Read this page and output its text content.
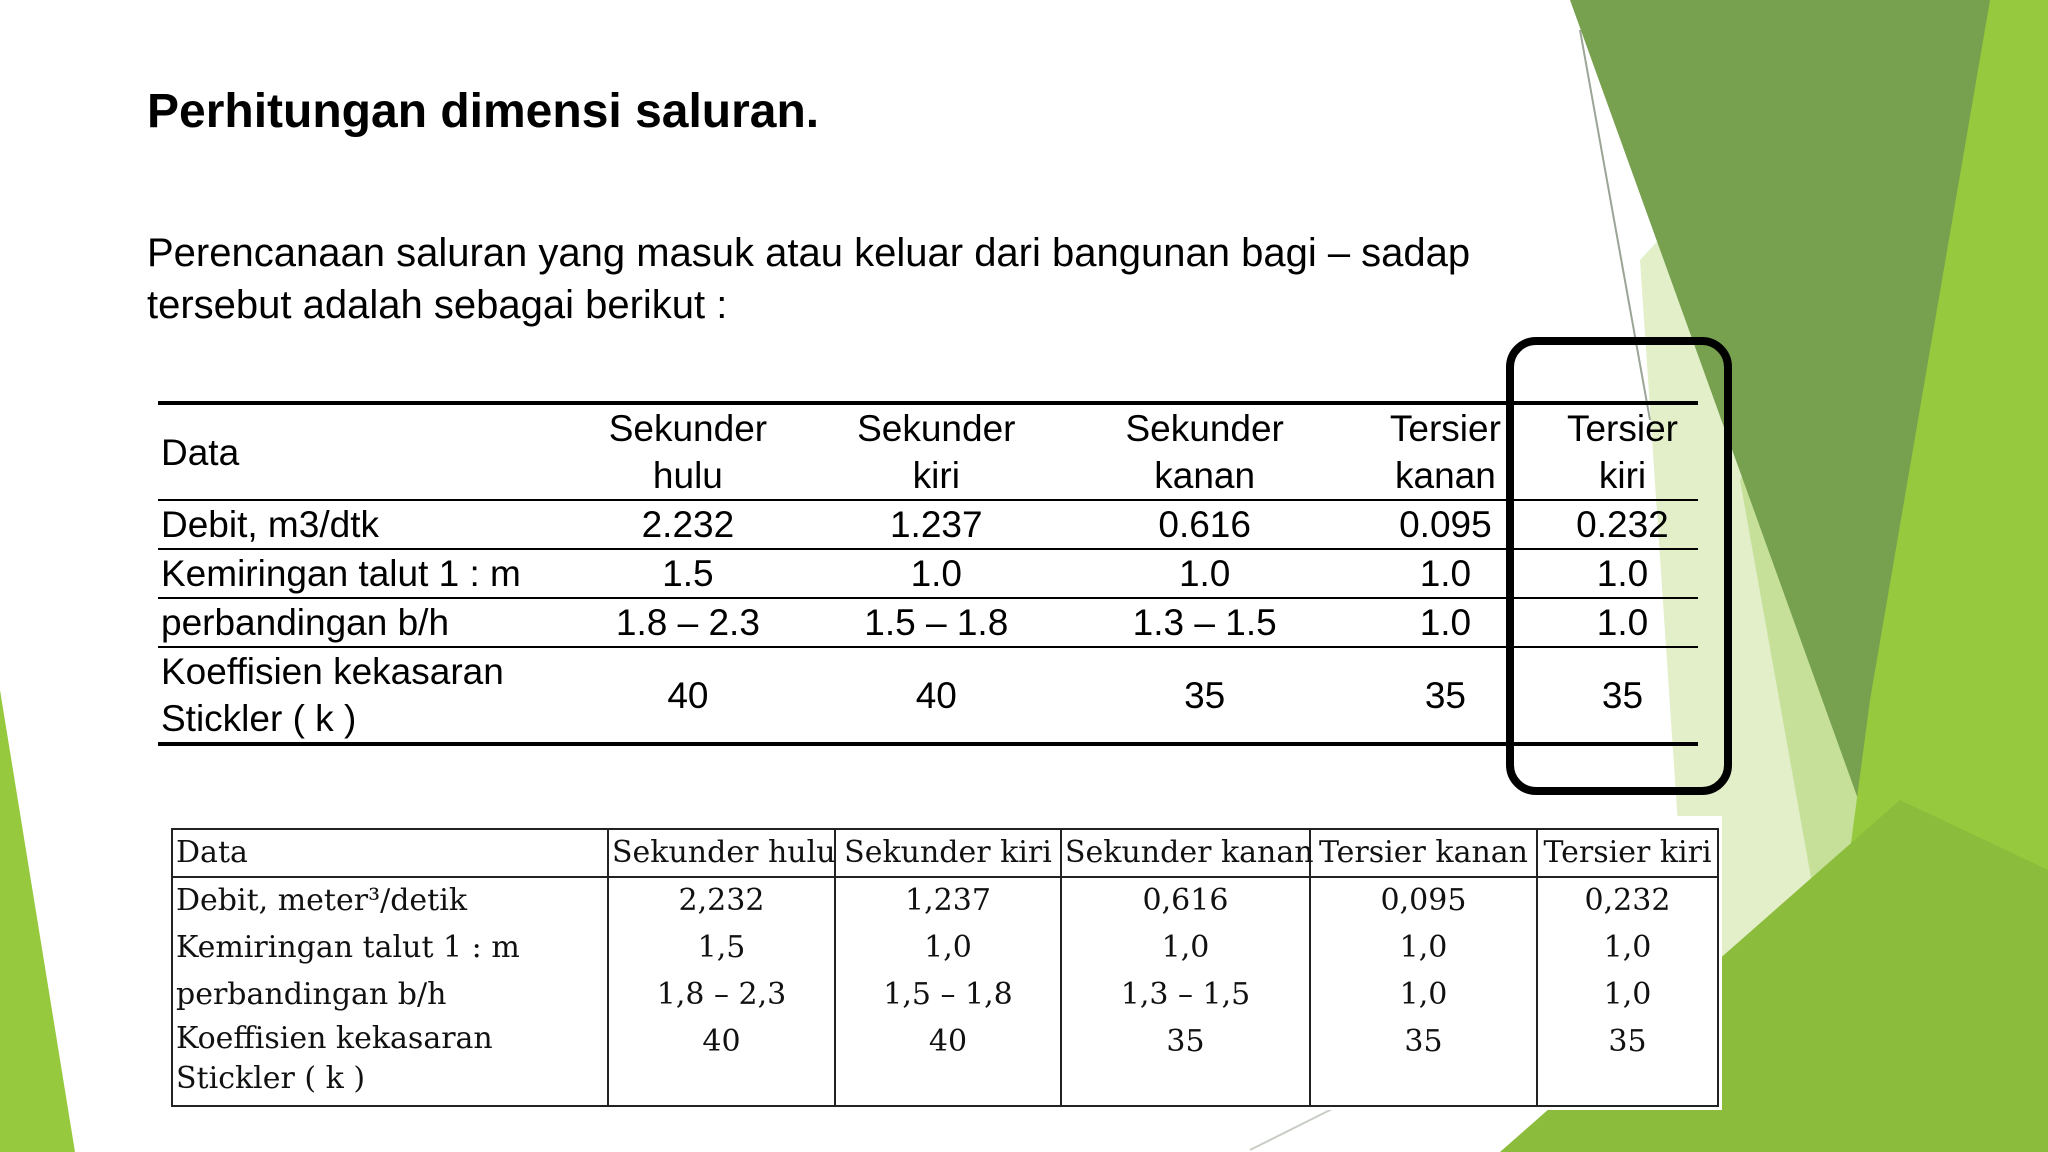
Perhitungan dimensi saluran.
Perencanaan saluran yang masuk atau keluar dari bangunan bagi – sadap tersebut adalah sebagai berikut :
Data	Sekunder hulu	Sekunder kiri	Sekunder kanan	Tersier kanan	Tersier kiri
Debit, m3/dtk	2.232	1.237	0.616	0.095	0.232
Kemiringan talut 1 : m	1.5	1.0	1.0	1.0	1.0
perbandingan b/h	1.8 – 2.3	1.5 – 1.8	1.3 – 1.5	1.0	1.0
Koeffisien kekasaran Stickler ( k )	40	40	35	35	35
Data	Sekunder hulu	Sekunder kiri	Sekunder kanan	Tersier kanan	Tersier kiri
Debit, meter³/detik	2,232	1,237	0,616	0,095	0,232
Kemiringan talut 1 : m	1,5	1,0	1,0	1,0	1,0
perbandingan b/h	1,8 – 2,3	1,5 – 1,8	1,3 – 1,5	1,0	1,0
Koeffisien kekasaran Stickler ( k )	40	40	35	35	35
